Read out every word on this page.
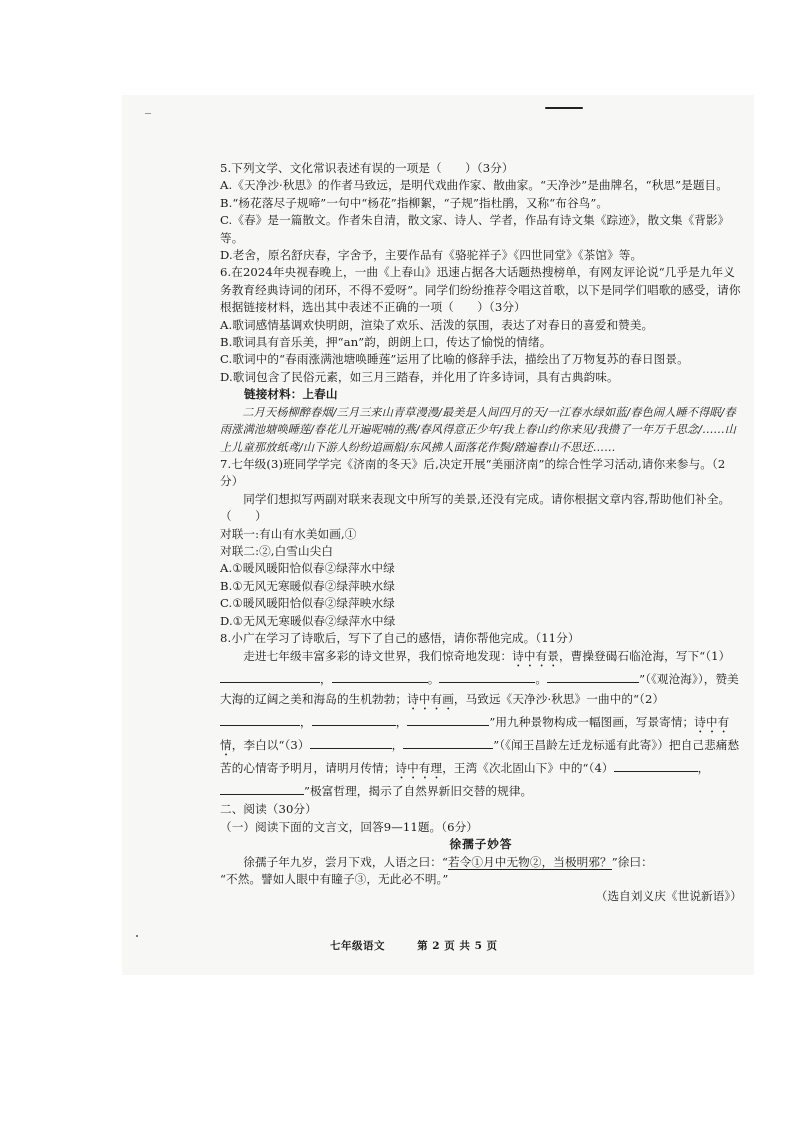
5.下列文学、文化常识表述有误的一项是（　　）（3分）

A.《天净沙·秋思》的作者马致远，是明代戏曲作家、散曲家。“天净沙”是曲牌名，“秋思”是题目。

B.“杨花落尽子规啼”一句中“杨花”指柳絮，“子规”指杜鹃，又称“布谷鸟”。

C.《春》是一篇散文。作者朱自清，散文家、诗人、学者，作品有诗文集《踪迹》，散文集《背影》等。

D.老舍，原名舒庆春，字舍予，主要作品有《骆驼祥子》《四世同堂》《茶馆》等。

6.在2024年央视春晚上，一曲《上春山》迅速占据各大话题热搜榜单，有网友评论说“几乎是九年义务教育经典诗词的闭环，不得不爱呀”。同学们纷纷推荐令唱这首歌，以下是同学们唱歌的感受，请你根据链接材料，选出其中表述不正确的一项（　　）（3分）

A.歌词感情基调欢快明朗，渲染了欢乐、活泼的氛围，表达了对春日的喜爱和赞美。

B.歌词具有音乐美，押“an”韵，朗朗上口，传达了愉悦的情绪。

C.歌词中的“春雨涨满池塘唤睡莲”运用了比喻的修辞手法，描绘出了万物复苏的春日图景。

D.歌词包含了民俗元素，如三月三踏春，并化用了许多诗词，具有古典韵味。

链接材料：上春山

二月天杨柳醉春烟/三月三来山青草漫漫/最美是人间四月的天/一江春水绿如蓝/春色闹人睡不得眠/春雨涨满池塘唤睡莲/春花儿开遍呢喃的燕/春风得意正少年/我上春山约你来见/我攒了一年万千思念/……山上儿童那放纸鸢/山下游人纷纷追画船/东风拂人面落花作鬓/踏遍春山不思还……

7.七年级(3)班同学学完《济南的冬天》后,决定开展“美丽济南”的综合性学习活动,请你来参与。（2分）

同学们想拟写两副对联来表现文中所写的美景,还没有完成。请你根据文章内容,帮助他们补全。（　　）

对联一:有山有水美如画,①

对联二:②,白雪山尖白

A.①暖风暖阳恰似春②绿萍水中绿

B.①无风无寒暖似春②绿萍映水绿

C.①暖风暖阳恰似春②绿萍映水绿

D.①无风无寒暖似春②绿萍水中绿

8.小广在学习了诗歌后，写下了自己的感悟，请你帮他完成。（11分）

走进七年级丰富多彩的诗文世界，我们惊奇地发现：诗中有景，曹操登碣石临沧海，写下“（1），	。	。	”（《观沧海》），赞美大海的辽阔之美和海岛的生机勃勃；诗中有画，马致远《天净沙·秋思》一曲中的“（2），	，	”用九种景物构成一幅图画，写景寄情；诗中有情，李白以“（3）	，	”（《闻王昌龄左迁龙标遥有此寄》）把自己悲痛愁苦的心情寄予明月，请明月传情；诗中有理，王湾《次北固山下》中的“（4）	，”极富哲理，揭示了自然界新旧交替的规律。

二、阅读（30分）

（一）阅读下面的文言文，回答9—11题。（6分）

徐孺子妙答

徐孺子年九岁，尝月下戏，人语之曰：“若令①月中无物②，当极明邪？”徐曰：

“不然。譬如人眼中有瞳子③，无此必不明。”

（选自刘义庆《世说新语》）

七年级语文	第 2 页 共 5 页
